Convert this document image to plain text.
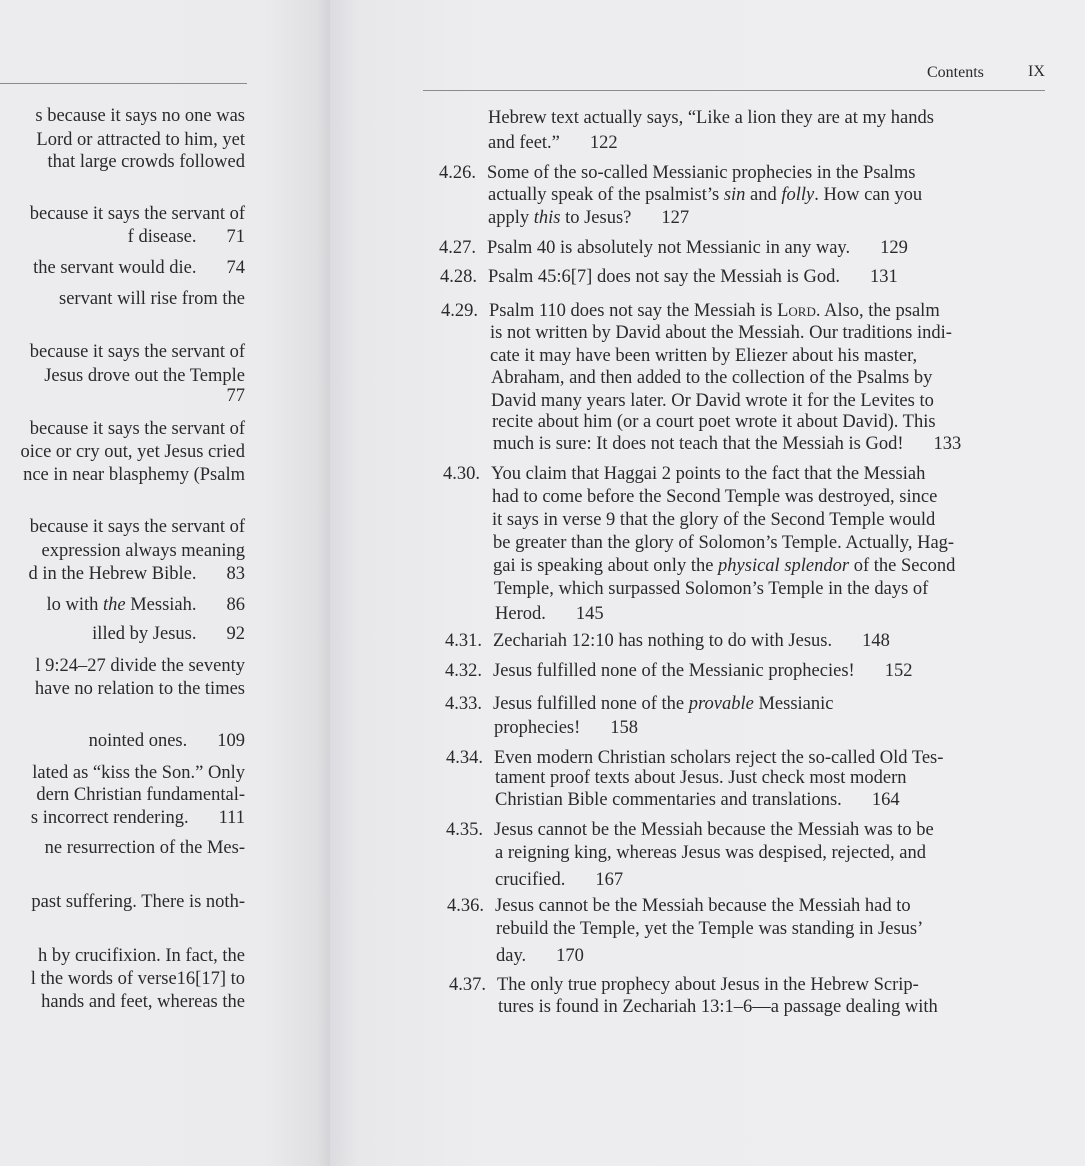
s because it says no one was
Lord or attracted to him, yet
that large crowds followed
because it says the servant of
f disease. 71
the servant would die. 74
servant will rise from the
because it says the servant of
Jesus drove out the Temple
77
because it says the servant of
oice or cry out, yet Jesus cried
nce in near blasphemy (Psalm
because it says the servant of
expression always meaning
d in the Hebrew Bible. 83
lo with the Messiah. 86
illed by Jesus. 92
l 9:24–27 divide the seventy
have no relation to the times
nointed ones. 109
lated as “kiss the Son.” Only
dern Christian fundamental-
s incorrect rendering. 111
ne resurrection of the Mes-
past suffering. There is noth-
h by crucifixion. In fact, the
l the words of verse16[17] to
hands and feet, whereas the
Contents	IX
Hebrew text actually says, “Like a lion they are at my hands
and feet.” 122
4.26. Some of the so-called Messianic prophecies in the Psalms
actually speak of the psalmist’s sin and folly. How can you
apply this to Jesus? 127
4.27. Psalm 40 is absolutely not Messianic in any way. 129
4.28. Psalm 45:6[7] does not say the Messiah is God. 131
4.29. Psalm 110 does not say the Messiah is Lord. Also, the psalm
is not written by David about the Messiah. Our traditions indi-
cate it may have been written by Eliezer about his master,
Abraham, and then added to the collection of the Psalms by
David many years later. Or David wrote it for the Levites to
recite about him (or a court poet wrote it about David). This
much is sure: It does not teach that the Messiah is God! 133
4.30. You claim that Haggai 2 points to the fact that the Messiah
had to come before the Second Temple was destroyed, since
it says in verse 9 that the glory of the Second Temple would
be greater than the glory of Solomon’s Temple. Actually, Hag-
gai is speaking about only the physical splendor of the Second
Temple, which surpassed Solomon’s Temple in the days of
Herod. 145
4.31. Zechariah 12:10 has nothing to do with Jesus. 148
4.32. Jesus fulfilled none of the Messianic prophecies! 152
4.33. Jesus fulfilled none of the provable Messianic
prophecies! 158
4.34. Even modern Christian scholars reject the so-called Old Tes-
tament proof texts about Jesus. Just check most modern
Christian Bible commentaries and translations. 164
4.35. Jesus cannot be the Messiah because the Messiah was to be
a reigning king, whereas Jesus was despised, rejected, and
crucified. 167
4.36. Jesus cannot be the Messiah because the Messiah had to
rebuild the Temple, yet the Temple was standing in Jesus’
day. 170
4.37. The only true prophecy about Jesus in the Hebrew Scrip-
tures is found in Zechariah 13:1–6—a passage dealing with
